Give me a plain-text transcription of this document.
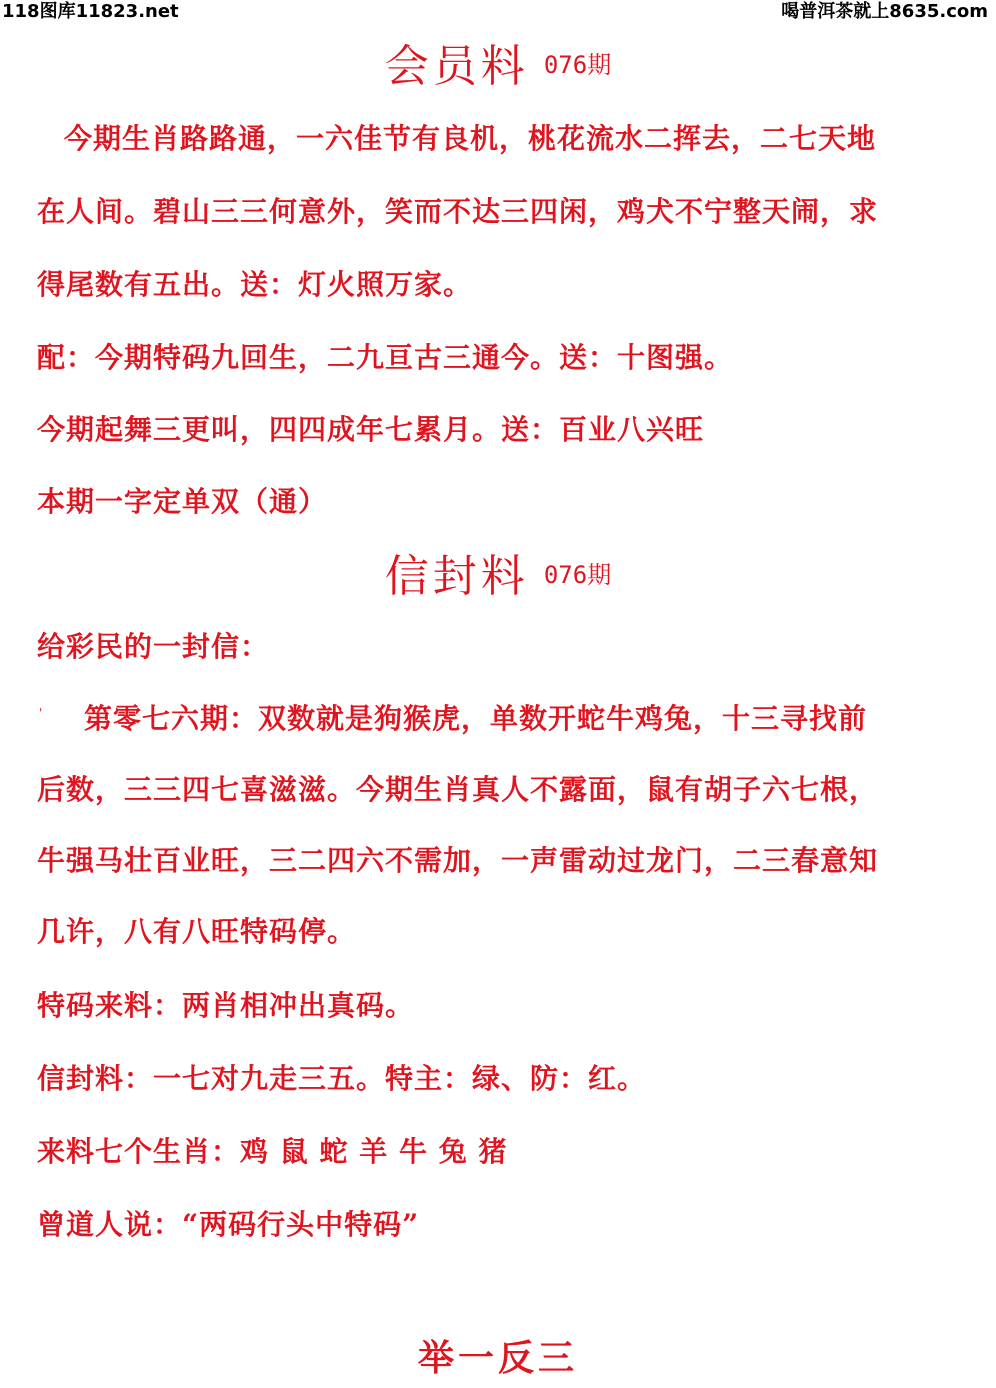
118图库11823.net	喝普洱茶就上8635.com
会员料 076期
今期生肖路路通，一六佳节有良机，桃花流水二挥去，二七天地
在人间。碧山三三何意外，笑而不达三四闲，鸡犬不宁整天闹，求
得尾数有五出。送：灯火照万家。
配：今期特码九回生，二九亘古三通今。送：十图强。
今期起舞三更叫，四四成年七累月。送：百业八兴旺
本期一字定单双（通）
信封料 076期
给彩民的一封信：
' 第零七六期：双数就是狗猴虎，单数开蛇牛鸡兔，十三寻找前
后数，三三四七喜滋滋。今期生肖真人不露面，鼠有胡子六七根，
牛强马壮百业旺，三二四六不需加，一声雷动过龙门，二三春意知
几许，八有八旺特码停。
特码来料：两肖相冲出真码。
信封料：一七对九走三五。特主：绿、防：红。
来料七个生肖：鸡 鼠 蛇 羊 牛 兔 猪
曾道人说：“两码行头中特码”
举一反三
